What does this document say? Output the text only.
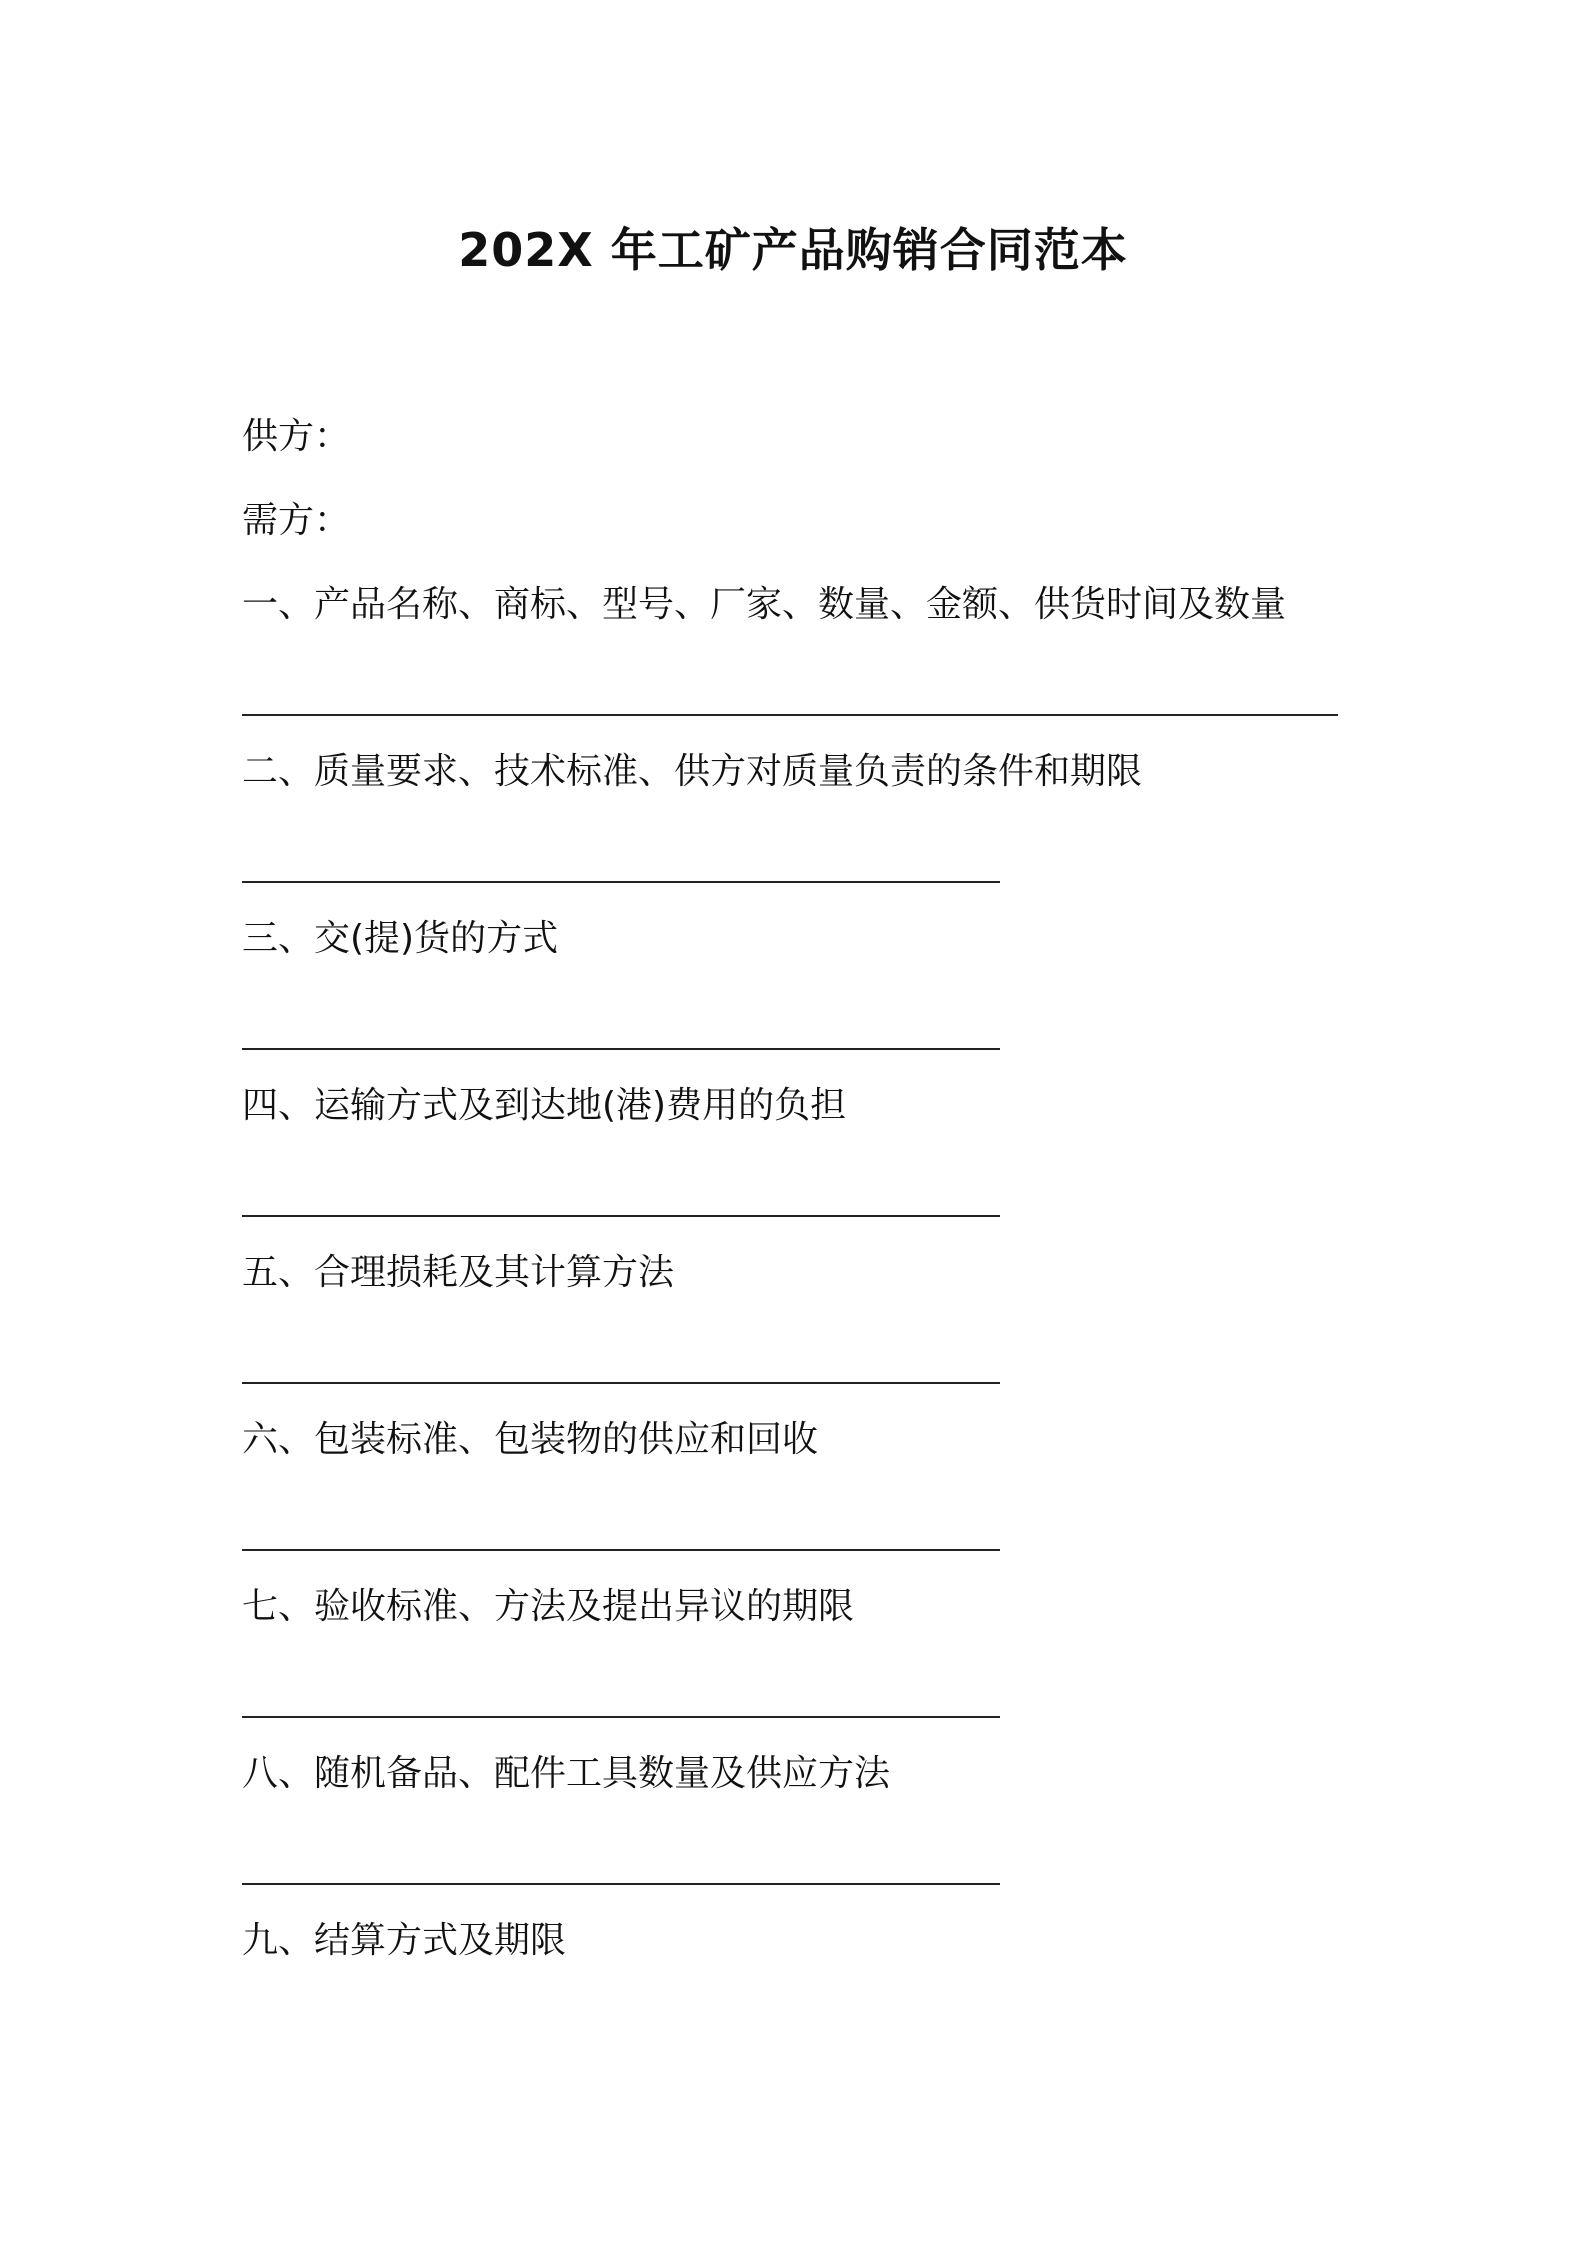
202X 年工矿产品购销合同范本
供方：
需方：
一、产品名称、商标、型号、厂家、数量、金额、供货时间及数量
二、质量要求、技术标准、供方对质量负责的条件和期限
三、交(提)货的方式
四、运输方式及到达地(港)费用的负担
五、合理损耗及其计算方法
六、包装标准、包装物的供应和回收
七、验收标准、方法及提出异议的期限
八、随机备品、配件工具数量及供应方法
九、结算方式及期限
